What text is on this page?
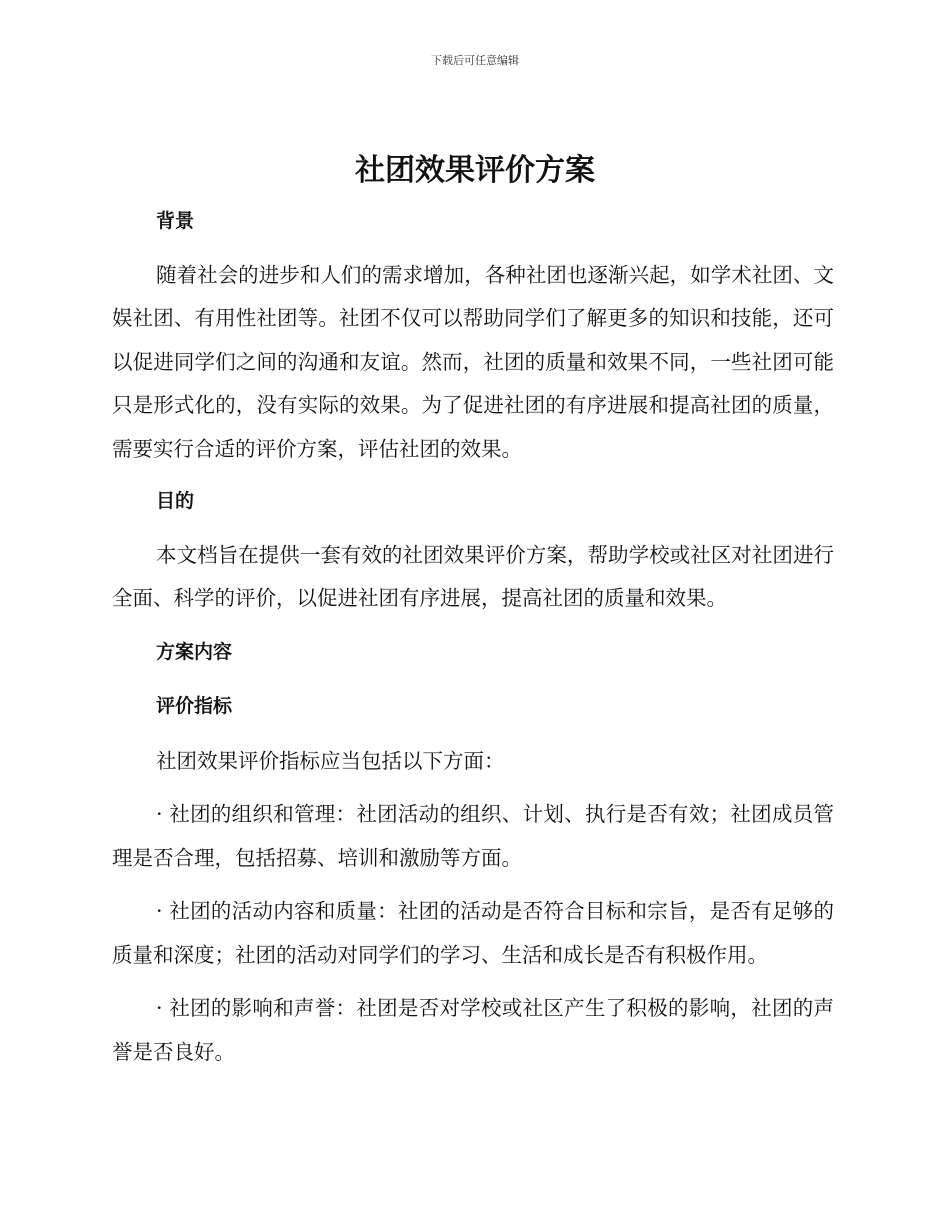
下载后可任意编辑
社团效果评价方案

背景

随着社会的进步和人们的需求增加，各种社团也逐渐兴起，如学术社团、文娱社团、有用性社团等。社团不仅可以帮助同学们了解更多的知识和技能，还可以促进同学们之间的沟通和友谊。然而，社团的质量和效果不同，一些社团可能只是形式化的，没有实际的效果。为了促进社团的有序进展和提高社团的质量，需要实行合适的评价方案，评估社团的效果。

目的

本文档旨在提供一套有效的社团效果评价方案，帮助学校或社区对社团进行全面、科学的评价，以促进社团有序进展，提高社团的质量和效果。

方案内容

评价指标

社团效果评价指标应当包括以下方面：

· 社团的组织和管理：社团活动的组织、计划、执行是否有效；社团成员管理是否合理，包括招募、培训和激励等方面。

· 社团的活动内容和质量：社团的活动是否符合目标和宗旨，是否有足够的质量和深度；社团的活动对同学们的学习、生活和成长是否有积极作用。

· 社团的影响和声誉：社团是否对学校或社区产生了积极的影响，社团的声誉是否良好。
